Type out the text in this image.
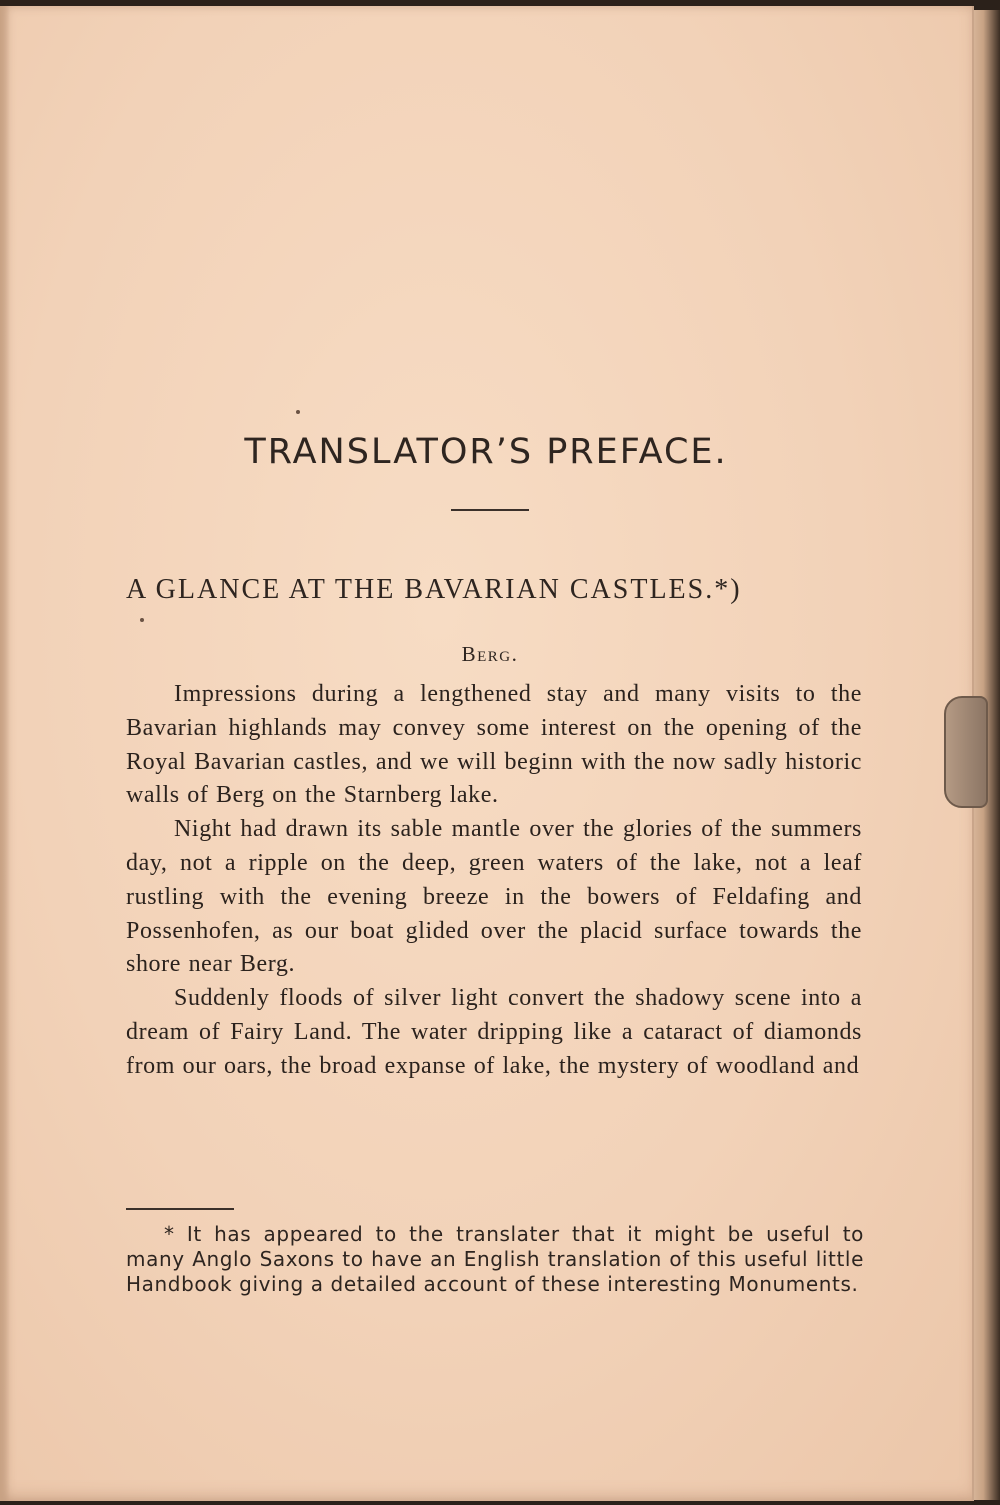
TRANSLATOR’S PREFACE.
A GLANCE AT THE BAVARIAN CASTLES.*)
Berg.

Impressions during a lengthened stay and many visits to the Bavarian highlands may convey some interest on the opening of the Royal Bavarian castles, and we will beginn with the now sadly historic walls of Berg on the Starnberg lake.

Night had drawn its sable mantle over the glories of the summers day, not a ripple on the deep, green waters of the lake, not a leaf rustling with the evening breeze in the bowers of Feldafing and Possenhofen, as our boat glided over the placid surface towards the shore near Berg.

Suddenly floods of silver light convert the shadowy scene into a dream of Fairy Land. The water dripping like a cataract of diamonds from our oars, the broad expanse of lake, the mystery of woodland and

* It has appeared to the translater that it might be useful to many Anglo Saxons to have an English translation of this useful little Handbook giving a detailed account of these interesting Monuments.
